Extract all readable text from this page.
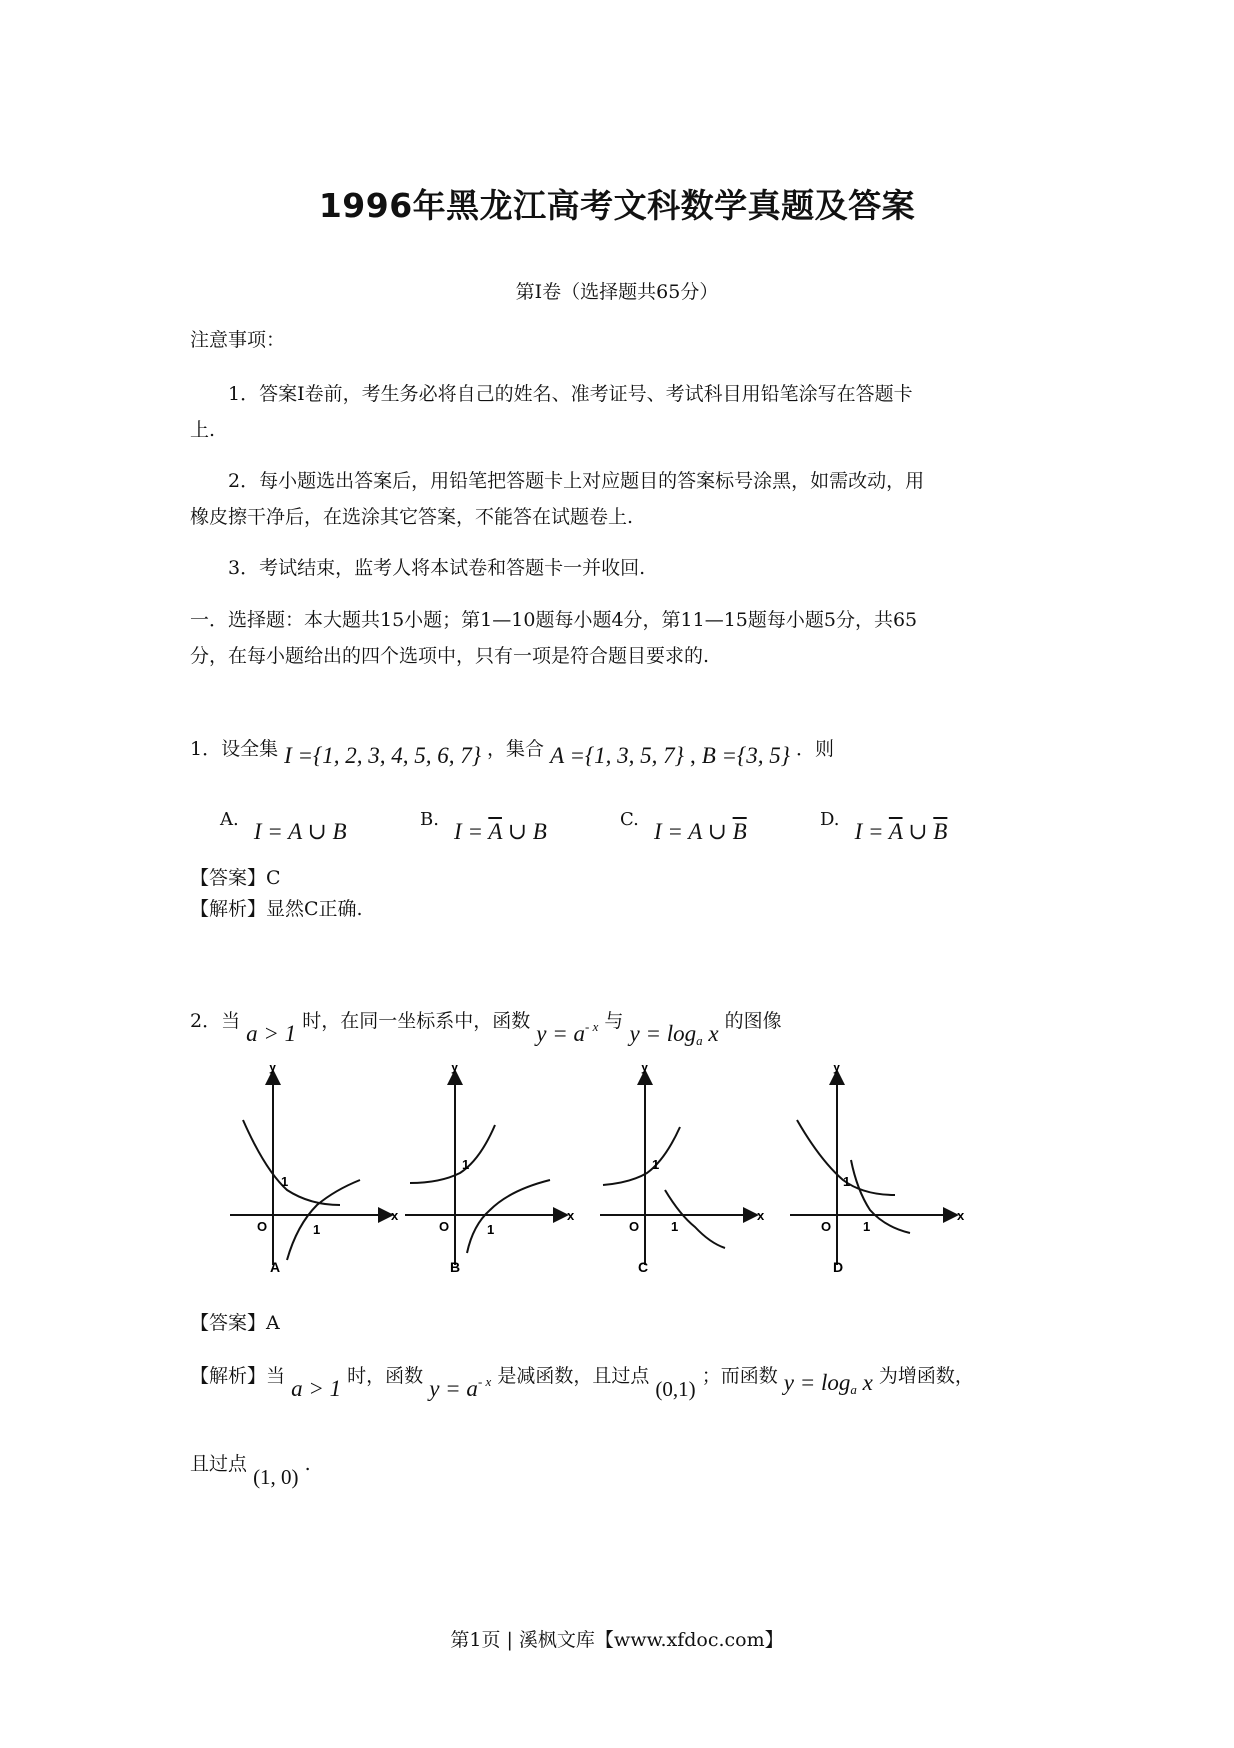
1996年黑龙江高考文科数学真题及答案
第Ⅰ卷（选择题共65分）
注意事项：
1．答案Ⅰ卷前，考生务必将自己的姓名、准考证号、考试科目用铅笔涂写在答题卡
上.
2．每小题选出答案后，用铅笔把答题卡上对应题目的答案标号涂黑，如需改动，用
橡皮擦干净后，在选涂其它答案，不能答在试题卷上.
3．考试结束，监考人将本试卷和答题卡一并收回.
一．选择题：本大题共15小题；第1—10题每小题4分，第11—15题每小题5分，共65
分，在每小题给出的四个选项中，只有一项是符合题目要求的.
1．设全集 I ={1, 2, 3, 4, 5, 6, 7} ，集合 A ={1, 3, 5, 7} , B ={3, 5} ．则
A. I = A ∪ B	B. $I = \overline{A}$ ∪ B	C. I = A ∪ $\overline{B}$	D. $I = \overline{A}$ ∪ $\overline{B}$
【答案】C
【解析】显然C正确.
2．当 a > 1 时，在同一坐标系中，函数 $y = a^{- x}$ 与 $y = \log_a x$ 的图像
y
x
O
1
1
A
y
x
O
1
1
B
y
x
O
1
1
C
y
x
O
1
1
D
【答案】A
【解析】当 a > 1 时，函数 $y = a^{- x}$ 是减函数，且过点 (0,1) ；而函数 $y = \log_a x$ 为增函数，
且过点 (1, 0) .
第1页 | 溪枫文库【www.xfdoc.com】
